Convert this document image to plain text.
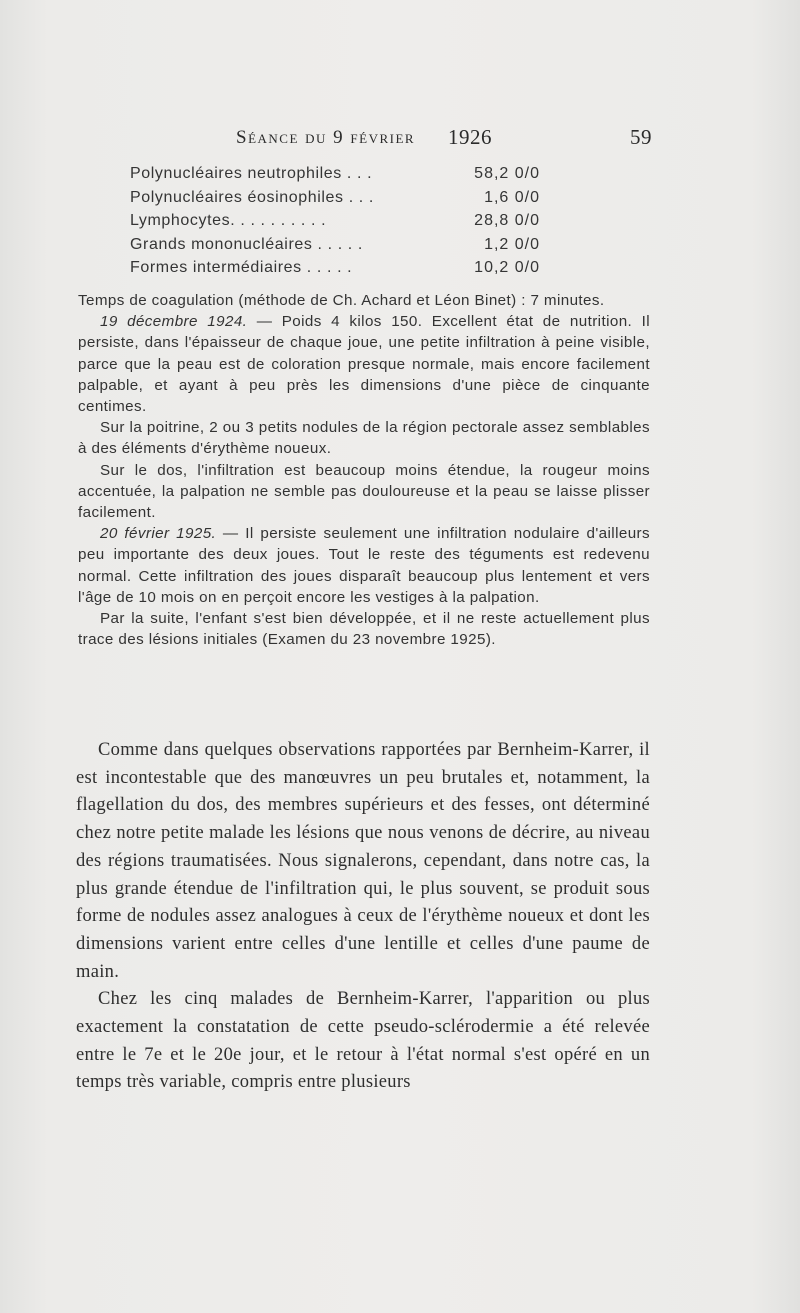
Séance du 9 février 1926	59
Polynucléaires neutrophiles . . .	58,2 0/0
Polynucléaires éosinophiles . . .	1,6 0/0
Lymphocytes. . . . . . . . . .	28,8 0/0
Grands mononucléaires . . . . .	1,2 0/0
Formes intermédiaires . . . . .	10,2 0/0

Temps de coagulation (méthode de Ch. Achard et Léon Binet) : 7 minutes.

19 décembre 1924. — Poids 4 kilos 150. Excellent état de nutrition. Il persiste, dans l'épaisseur de chaque joue, une petite infiltration à peine visible, parce que la peau est de coloration presque normale, mais encore facilement palpable, et ayant à peu près les dimensions d'une pièce de cinquante centimes.

Sur la poitrine, 2 ou 3 petits nodules de la région pectorale assez semblables à des éléments d'érythème noueux.

Sur le dos, l'infiltration est beaucoup moins étendue, la rougeur moins accentuée, la palpation ne semble pas douloureuse et la peau se laisse plisser facilement.

20 février 1925. — Il persiste seulement une infiltration nodulaire d'ailleurs peu importante des deux joues. Tout le reste des téguments est redevenu normal. Cette infiltration des joues disparaît beaucoup plus lentement et vers l'âge de 10 mois on en perçoit encore les vestiges à la palpation.

Par la suite, l'enfant s'est bien développée, et il ne reste actuellement plus trace des lésions initiales (Examen du 23 novembre 1925).

Comme dans quelques observations rapportées par Bernheim-Karrer, il est incontestable que des manœuvres un peu brutales et, notamment, la flagellation du dos, des membres supérieurs et des fesses, ont déterminé chez notre petite malade les lésions que nous venons de décrire, au niveau des régions traumatisées. Nous signalerons, cependant, dans notre cas, la plus grande étendue de l'infiltration qui, le plus souvent, se produit sous forme de nodules assez analogues à ceux de l'érythème noueux et dont les dimensions varient entre celles d'une lentille et celles d'une paume de main.

Chez les cinq malades de Bernheim-Karrer, l'apparition ou plus exactement la constatation de cette pseudo-sclérodermie a été relevée entre le 7e et le 20e jour, et le retour à l'état normal s'est opéré en un temps très variable, compris entre plusieurs
